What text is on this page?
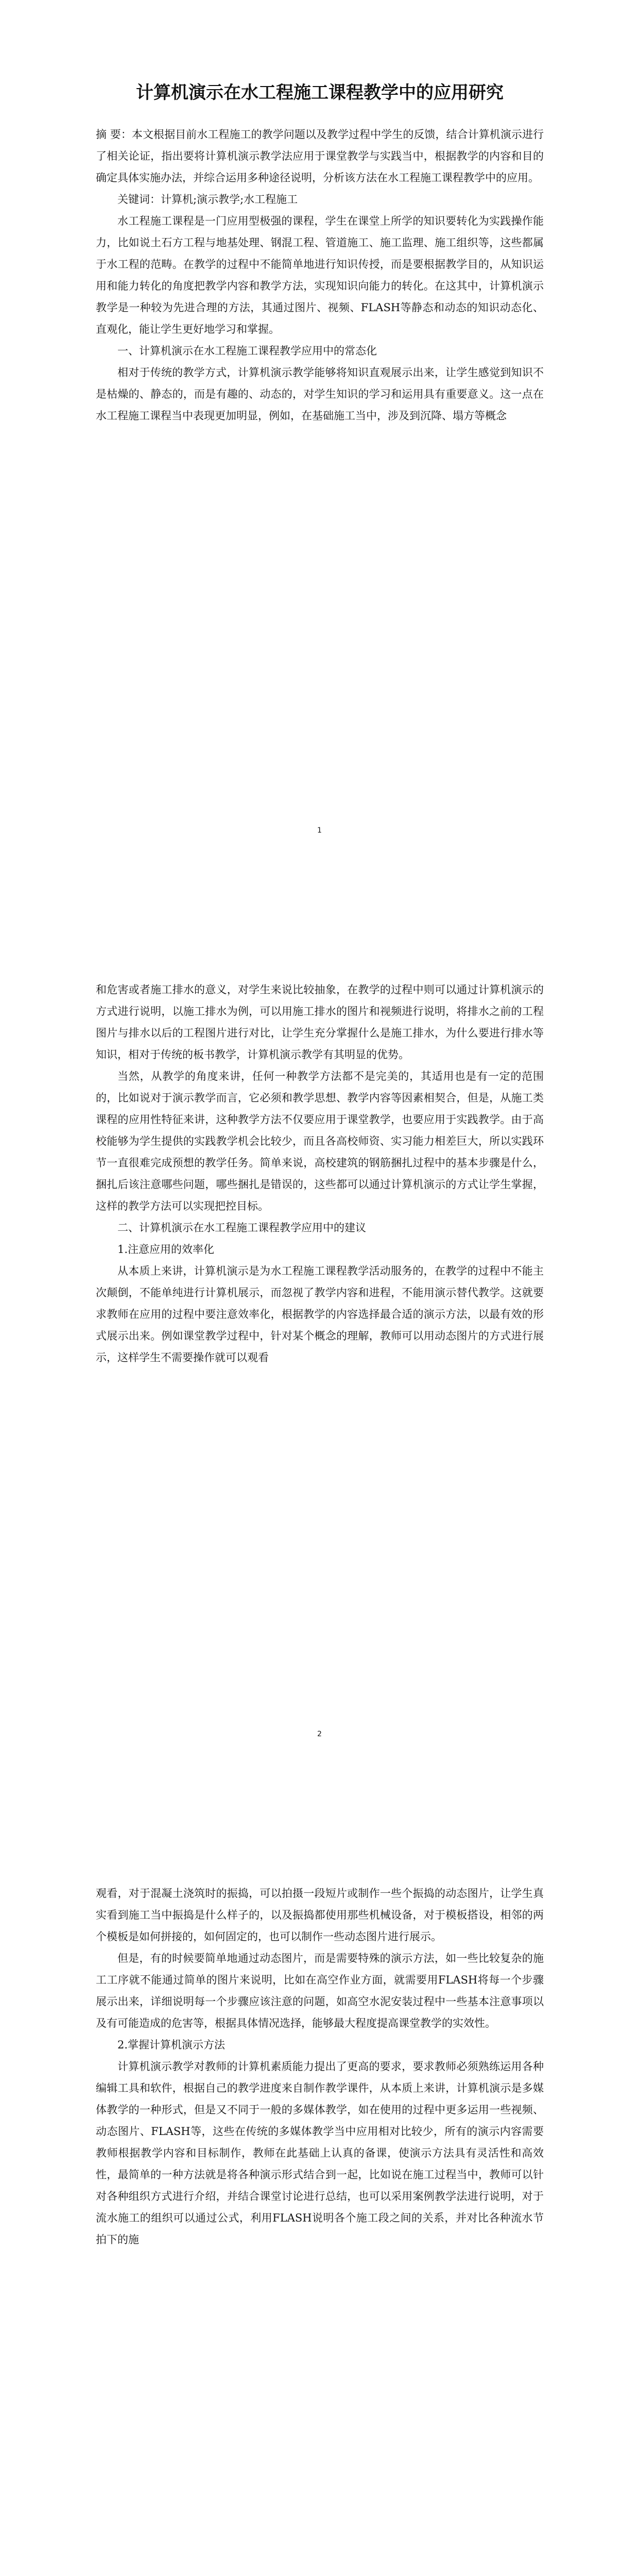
计算机演示在水工程施工课程教学中的应用研究

摘 要：本文根据目前水工程施工的教学问题以及教学过程中学生的反馈，结合计算机演示进行了相关论证，指出要将计算机演示教学法应用于课堂教学与实践当中，根据教学的内容和目的确定具体实施办法，并综合运用多种途径说明，分析该方法在水工程施工课程教学中的应用。

关键词：计算机;演示教学;水工程施工

水工程施工课程是一门应用型极强的课程，学生在课堂上所学的知识要转化为实践操作能力，比如说土石方工程与地基处理、钢混工程、管道施工、施工监理、施工组织等，这些都属于水工程的范畴。在教学的过程中不能简单地进行知识传授，而是要根据教学目的，从知识运用和能力转化的角度把教学内容和教学方法，实现知识向能力的转化。在这其中，计算机演示教学是一种较为先进合理的方法，其通过图片、视频、FLASH等静态和动态的知识动态化、直观化，能让学生更好地学习和掌握。

一、计算机演示在水工程施工课程教学应用中的常态化

相对于传统的教学方式，计算机演示教学能够将知识直观展示出来，让学生感觉到知识不是枯燥的、静态的，而是有趣的、动态的，对学生知识的学习和运用具有重要意义。这一点在水工程施工课程当中表现更加明显，例如，在基础施工当中，涉及到沉降、塌方等概念

1

和危害或者施工排水的意义，对学生来说比较抽象，在教学的过程中则可以通过计算机演示的方式进行说明，以施工排水为例，可以用施工排水的图片和视频进行说明，将排水之前的工程图片与排水以后的工程图片进行对比，让学生充分掌握什么是施工排水，为什么要进行排水等知识，相对于传统的板书教学，计算机演示教学有其明显的优势。

当然，从教学的角度来讲，任何一种教学方法都不是完美的，其适用也是有一定的范围的，比如说对于演示教学而言，它必须和教学思想、教学内容等因素相契合，但是，从施工类课程的应用性特征来讲，这种教学方法不仅要应用于课堂教学，也要应用于实践教学。由于高校能够为学生提供的实践教学机会比较少，而且各高校师资、实习能力相差巨大，所以实践环节一直很难完成预想的教学任务。简单来说，高校建筑的钢筋捆扎过程中的基本步骤是什么，捆扎后该注意哪些问题，哪些捆扎是错误的，这些都可以通过计算机演示的方式让学生掌握，这样的教学方法可以实现把控目标。

二、计算机演示在水工程施工课程教学应用中的建议

1.注意应用的效率化

从本质上来讲，计算机演示是为水工程施工课程教学活动服务的，在教学的过程中不能主次颠倒，不能单纯进行计算机展示，而忽视了教学内容和进程，不能用演示替代教学。这就要求教师在应用的过程中要注意效率化，根据教学的内容选择最合适的演示方法，以最有效的形式展示出来。例如课堂教学过程中，针对某个概念的理解，教师可以用动态图片的方式进行展示，这样学生不需要操作就可以观看

2

观看，对于混凝土浇筑时的振捣，可以拍摄一段短片或制作一些个振捣的动态图片，让学生真实看到施工当中振捣是什么样子的，以及振捣都使用那些机械设备，对于模板搭设，相邻的两个模板是如何拼接的，如何固定的，也可以制作一些动态图片进行展示。

但是，有的时候要简单地通过动态图片，而是需要特殊的演示方法，如一些比较复杂的施工工序就不能通过简单的图片来说明，比如在高空作业方面，就需要用FLASH将每一个步骤展示出来，详细说明每一个步骤应该注意的问题，如高空水泥安装过程中一些基本注意事项以及有可能造成的危害等，根据具体情况选择，能够最大程度提高课堂教学的实效性。

2.掌握计算机演示方法

计算机演示教学对教师的计算机素质能力提出了更高的要求，要求教师必须熟练运用各种编辑工具和软件，根据自己的教学进度来自制作教学课件，从本质上来讲，计算机演示是多媒体教学的一种形式，但是又不同于一般的多媒体教学，如在使用的过程中更多运用一些视频、动态图片、FLASH等，这些在传统的多媒体教学当中应用相对比较少，所有的演示内容需要教师根据教学内容和目标制作，教师在此基础上认真的备课，使演示方法具有灵活性和高效性，最简单的一种方法就是将各种演示形式结合到一起，比如说在施工过程当中，教师可以针对各种组织方式进行介绍，并结合课堂讨论进行总结，也可以采用案例教学法进行说明，对于流水施工的组织可以通过公式，利用FLASH说明各个施工段之间的关系，并对比各种流水节拍下的施
